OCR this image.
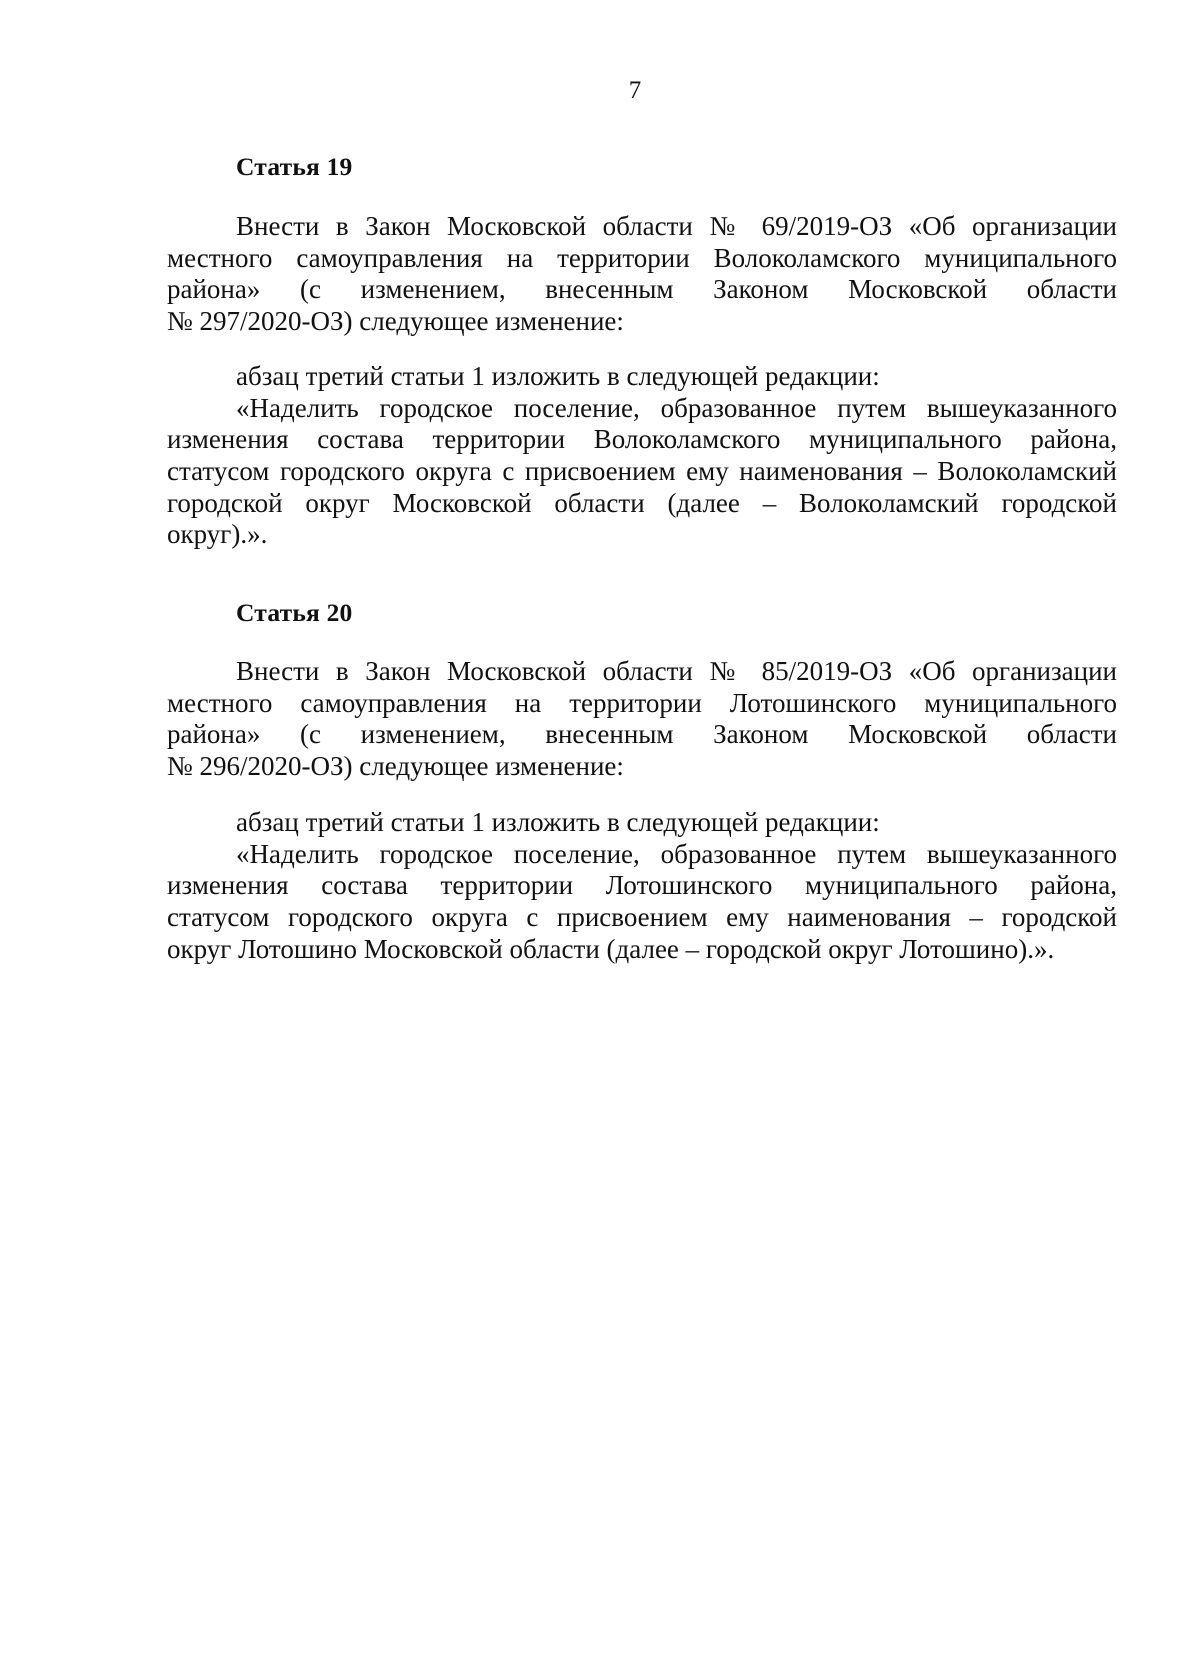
7
Статья 19
Внести в Закон Московской области № 69/2019-ОЗ «Об организации
местного самоуправления на территории Волоколамского муниципального
района» (с изменением, внесенным Законом Московской области
№ 297/2020-ОЗ) следующее изменение:
абзац третий статьи 1 изложить в следующей редакции:
«Наделить городское поселение, образованное путем вышеуказанного
изменения состава территории Волоколамского муниципального района,
статусом городского округа с присвоением ему наименования – Волоколамский
городской округ Московской области (далее – Волоколамский городской
округ).».
Статья 20
Внести в Закон Московской области № 85/2019-ОЗ «Об организации
местного самоуправления на территории Лотошинского муниципального
района» (с изменением, внесенным Законом Московской области
№ 296/2020-ОЗ) следующее изменение:
абзац третий статьи 1 изложить в следующей редакции:
«Наделить городское поселение, образованное путем вышеуказанного
изменения состава территории Лотошинского муниципального района,
статусом городского округа с присвоением ему наименования – городской
округ Лотошино Московской области (далее – городской округ Лотошино).».
